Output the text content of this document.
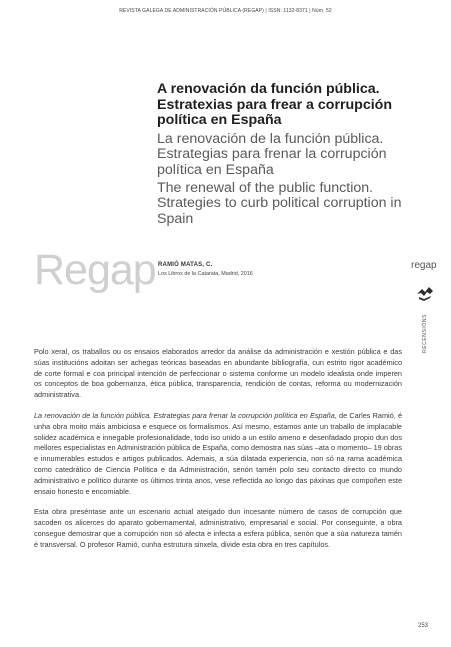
REVISTA GALEGA DE ADMINISTRACIÓN PÚBLICA (REGAP) | ISSN: 1132-8371 | Núm. 52

A renovación da función pública. Estratexias para frear a corrupción política en España

La renovación de la función pública. Estrategias para frenar la corrupción política en España

The renewal of the public function. Strategies to curb political corruption in Spain

Regap RAMIÓ MATAS, C.

Los Libros de la Catarata, Madrid, 2016

regap
RECENSIÓNS

Polo xeral, os traballos ou os ensaios elaborados arredor da análise da administración e xestión pública e das súas institucións adoitan ser achegas teóricas baseadas en abundante bibliografía, cun estrito rigor académico de corte formal e coa principal intención de perfeccionar o sistema conforme un modelo idealista onde imperen os conceptos de boa gobernanza, ética pública, transparencia, rendición de contas, reforma ou modernización administrativa.

La renovación de la función pública. Estrategias para frenar la corrupción política en España, de Carles Ramió, é unha obra moito máis ambiciosa e esquece os formalismos. Así mesmo, estamos ante un traballo de implacable solidez académica e innegable profesionalidade, todo iso unido a un estilo ameno e desenfadado propio dun dos mellores especialistas en Administración pública de España, como demostra nas súas –ata o momento– 19 obras e innumerables estudos e artigos publicados. Ademais, a súa dilatada experiencia, non só na rama académica como catedrático de Ciencia Política e da Administración, senón tamén polo seu contacto directo co mundo administrativo e político durante os últimos trinta anos, vese reflectida ao longo das páxinas que compoñen este ensaio honesto e encomiable.

Esta obra preséntase ante un escenario actual ateigado dun incesante número de casos de corrupción que sacoden os alicerces do aparato gobernamental, administrativo, empresarial e social. Por conseguinte, a obra consegue demostrar que a corrupción non só afecta e infecta a esfera pública, senón que a súa natureza tamén é transversal. O profesor Ramió, cunha estrutura sinxela, divide esta obra en tres capítulos.

253
